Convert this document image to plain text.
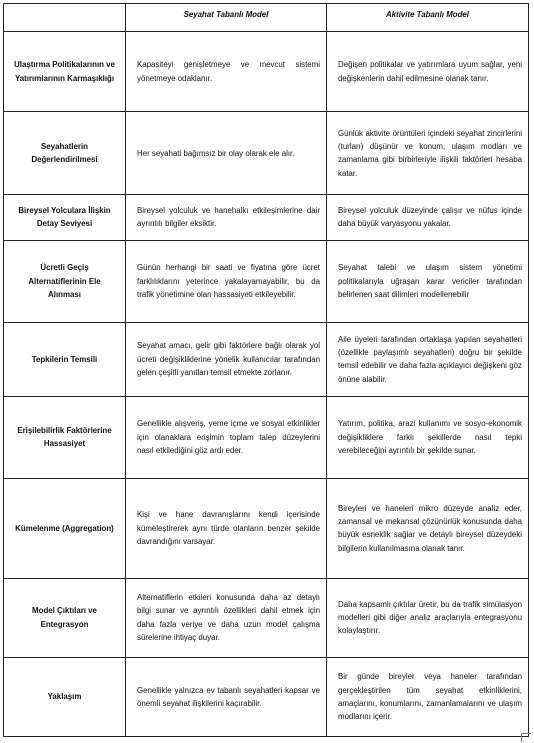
	Seyahat Tabanlı Model	Aktivite Tabanlı Model
Ulaştırma Politikalarının ve Yatırımlarının Karmaşıklığı	Kapasiteyi genişletmeye ve mevcut sistemi yönetmeye odaklanır.	Değişen politikalar ve yatırımlara uyum sağlar, yeni değişkenlerin dahil edilmesine olanak tanır.
Seyahatlerin Değerlendirilmesi	Her seyahati bağımsız bir olay olarak ele alır.	Günlük aktivite örüntüleri içindeki seyahat zincirlerini (turları) düşünür ve konum, ulaşım modları ve zamanlama gibi birbirleriyle ilişkili faktörleri hesaba katar.
Bireysel Yolculara İlişkin Detay Seviyesi	Bireysel yolculuk ve hanehalkı etkileşimlerine dair ayrıntılı bilgiler eksiktir.	Bireysel yolculuk düzeyinde çalışır ve nüfus içinde daha büyük varyasyonu yakalar.
Ücretli Geçiş Alternatiflerinin Ele Alınması	Günün herhangi bir saati ve fiyatına göre ücret farklılıklarını yeterince yakalayamayabilir, bu da trafik yönetimine olan hassasiyeti etkileyebilir.	Seyahat talebi ve ulaşım sistem yönetimi politikalarıyla uğraşan karar vericiler tarafından belirlenen saat dilimleri modellenebilir
Tepkilerin Temsili	Seyahat amacı, gelir gibi faktörlere bağlı olarak yol ücreti değişikliklerine yönelik kullanıcılar tarafından gelen çeşitli yanıtları temsil etmekte zorlanır.	Aile üyeleri tarafından ortaklaşa yapılan seyahatleri (özellikle paylaşımlı seyahatleri) doğru bir şekilde temsil edebilir ve daha fazla açıklayıcı değişkeni göz önüne alabilir.
Erişilebilirlik Faktörlerine Hassasiyet	Genellikle alışveriş, yeme içme ve sosyal etkinlikler için olanaklara erişimin toplam talep düzeylerini nasıl etkilediğini göz ardı eder.	Yatırım, politika, arazi kullanımı ve sosyo-ekonomik değişikliklere farklı şekillerde nasıl tepki verebileceğini ayrıntılı bir şekilde sunar.
Kümelenme (Aggregation)	Kişi ve hane davranışlarını kendi içerisinde kümeleştirerek aynı türde olanların benzer şekilde davrandığını varsayar.	Bireyleri ve haneleri mikro düzeyde analiz eder, zamansal ve mekansal çözünürlük konusunda daha büyük esneklik sağlar ve detaylı bireysel düzeydeki bilgilerin kullanılmasına olanak tanır.
Model Çıktıları ve Entegrasyon	Alternatiflerin etkileri konusunda daha az detaylı bilgi sunar ve ayrıntılı özellikleri dahil etmek için daha fazla veriye ve daha uzun model çalışma sürelerine ihtiyaç duyar.	Daha kapsamlı çıktılar üretir, bu da trafik simülasyon modelleri gibi diğer analiz araçlarıyla entegrasyonu kolaylaştırır.
Yaklaşım	Genellikle yalnızca ev tabanlı seyahatleri kapsar ve önemli seyahat ilişkilerini kaçırabilir.	Bir günde bireyler veya haneler tarafından gerçekleştirilen tüm seyahat etkinliklerini, amaçlarını, konumlarını, zamanlamalarını ve ulaşım modlarını içerir.
